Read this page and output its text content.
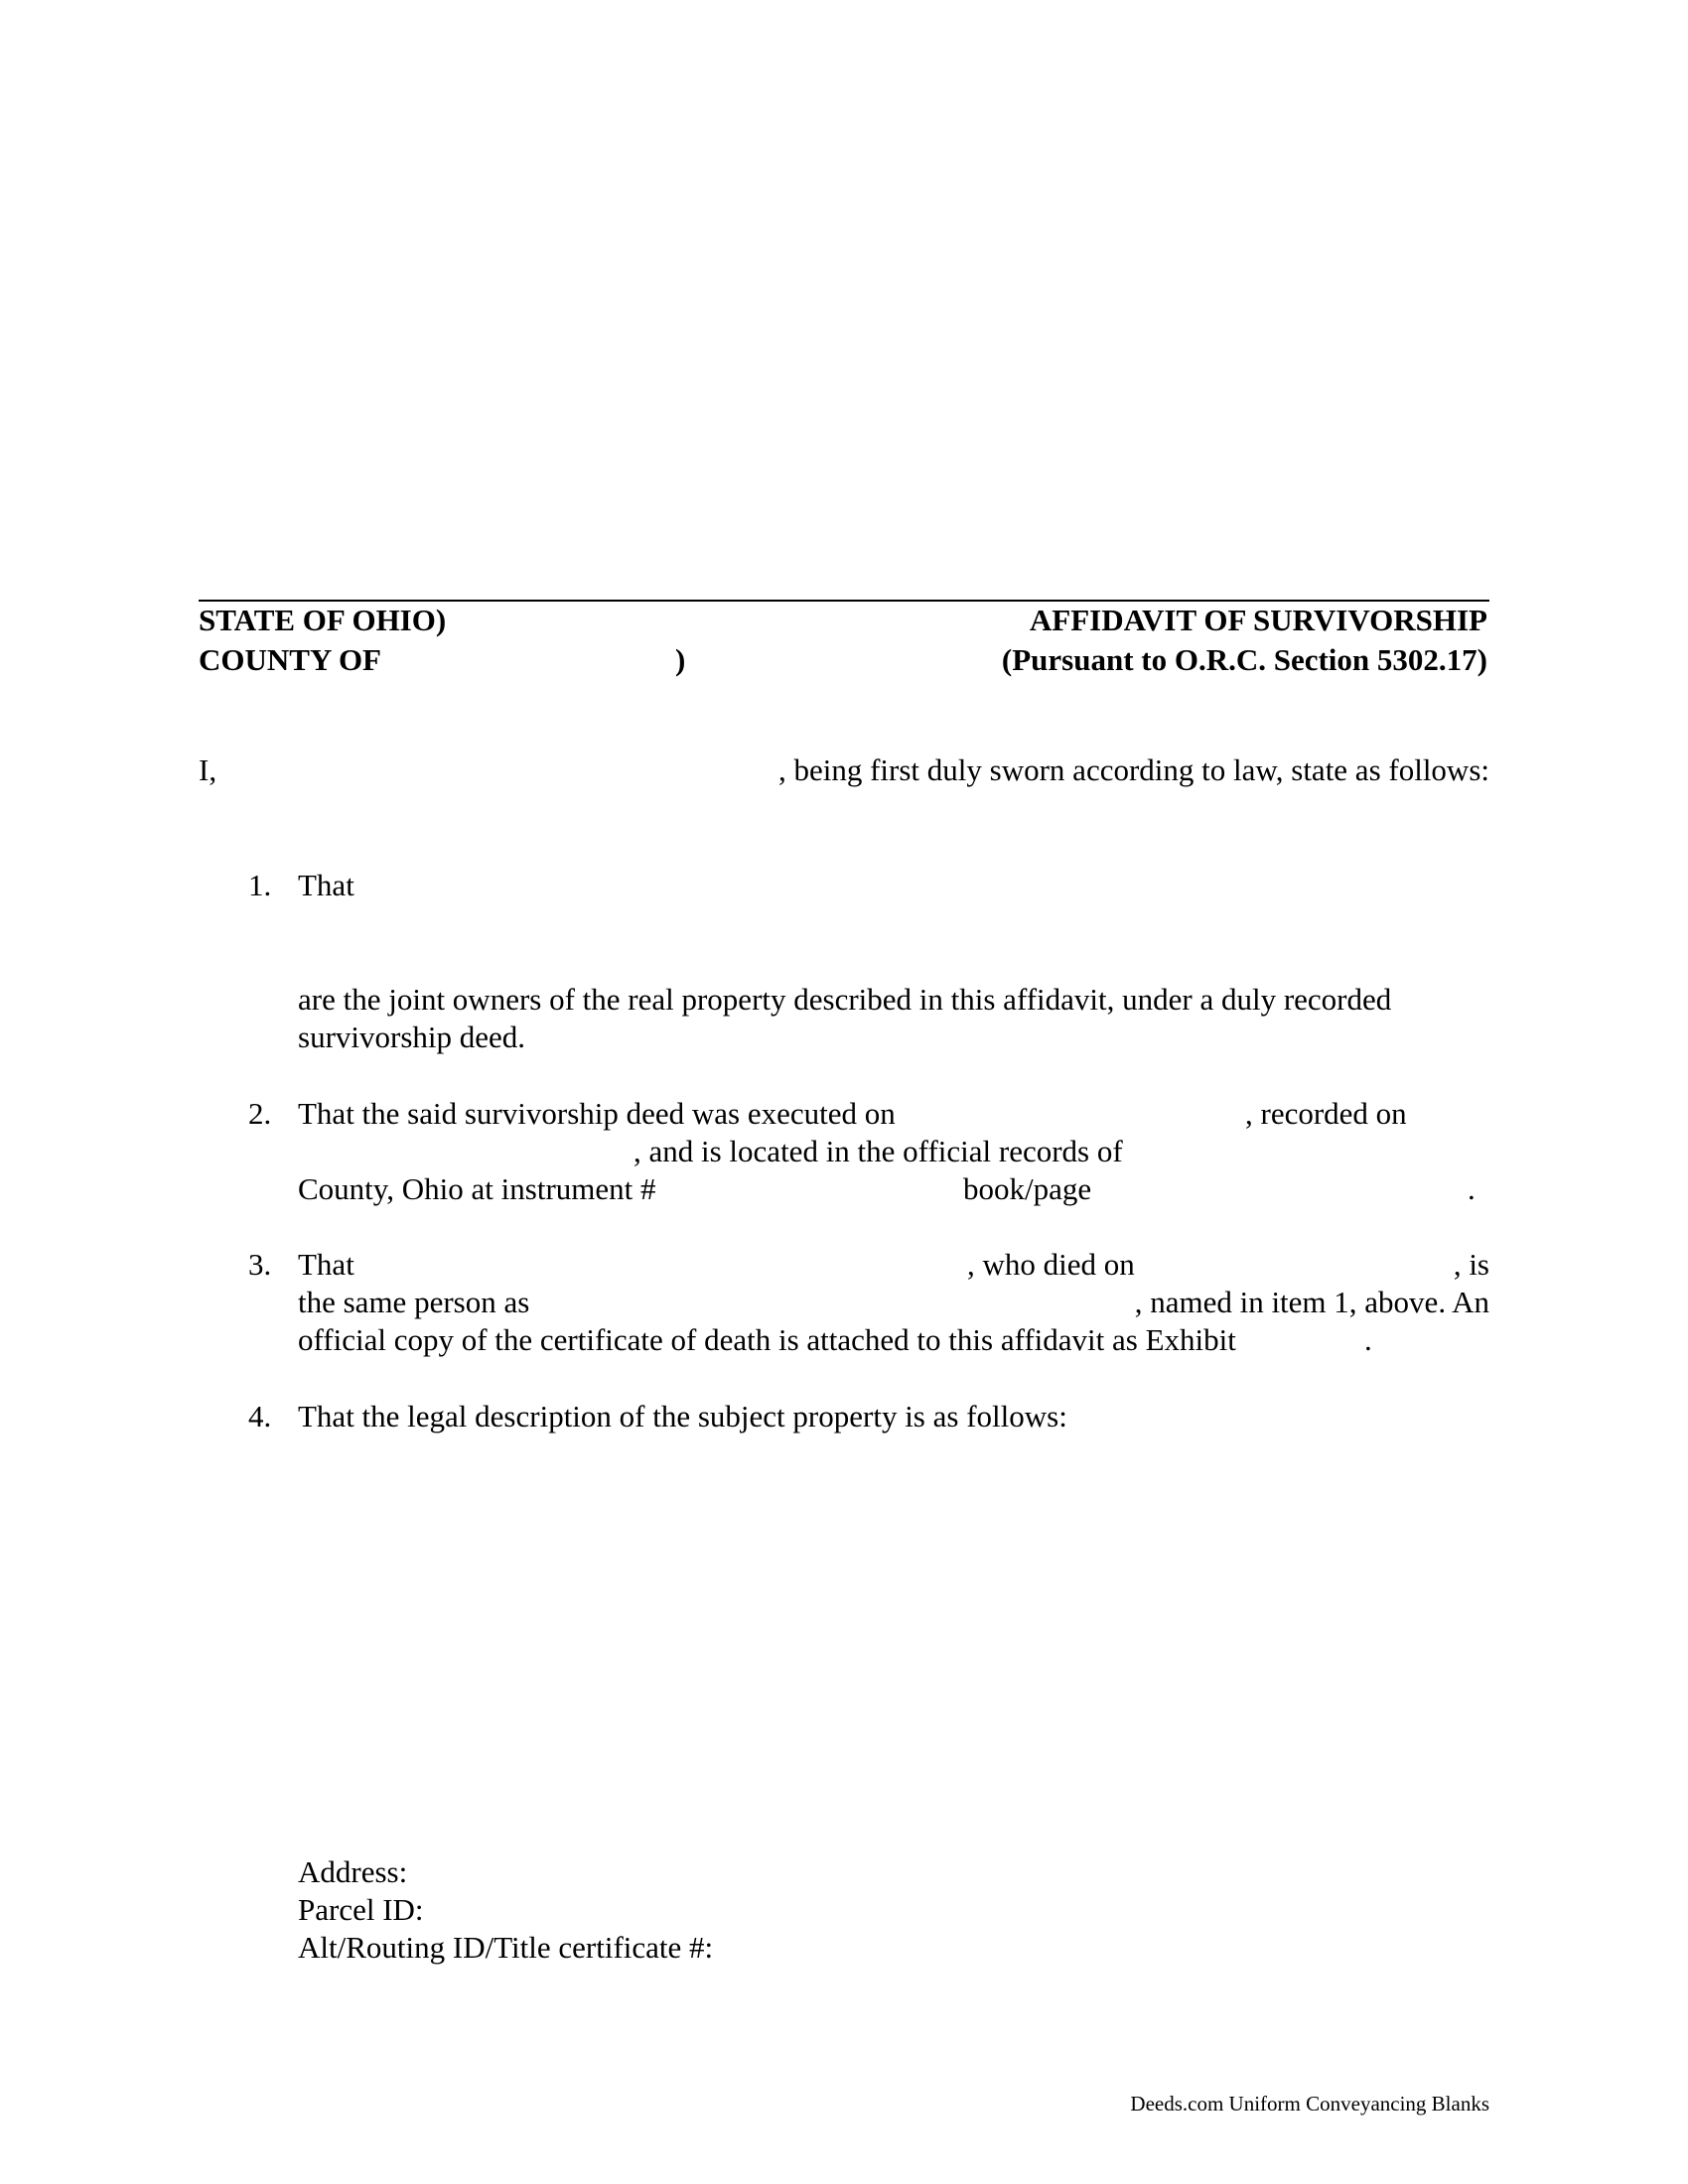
STATE OF OHIO)
COUNTY OF	)
AFFIDAVIT OF SURVIVORSHIP
(Pursuant to O.R.C. Section 5302.17)
I,	, being first duly sworn according to law, state as follows:
1. That
are the joint owners of the real property described in this affidavit, under a duly recorded
survivorship deed.
2. That the said survivorship deed was executed on	, recorded on
, and is located in the official records of
County, Ohio at instrument #	book/page	.
3. That	, who died on	, is
the same person as	, named in item 1, above. An
official copy of the certificate of death is attached to this affidavit as Exhibit	.
4. That the legal description of the subject property is as follows:
Address:
Parcel ID:
Alt/Routing ID/Title certificate #:
Deeds.com Uniform Conveyancing Blanks
